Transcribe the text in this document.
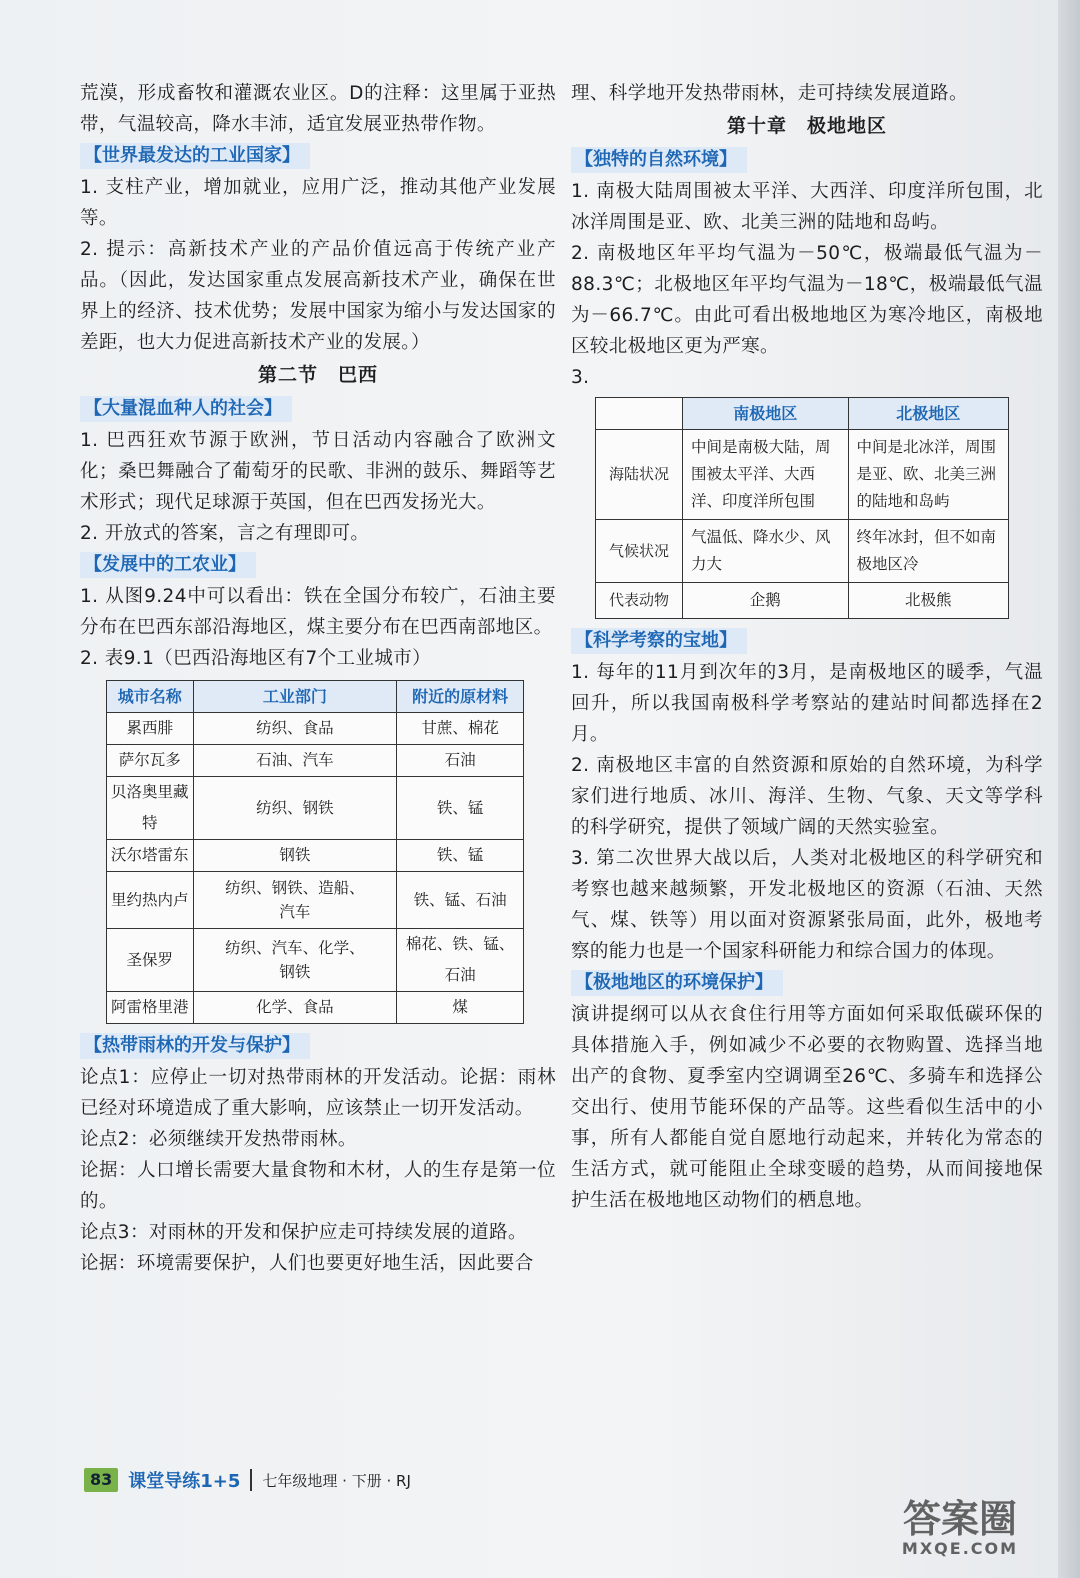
荒漠，形成畜牧和灌溉农业区。D的注释：这里属于亚热带，气温较高，降水丰沛，适宜发展亚热带作物。

【 世界最发达的工业国家 】

1. 支柱产业，增加就业，应用广泛，推动其他产业发展等。

2. 提示：高新技术产业的产品价值远高于传统产业产品。（因此，发达国家重点发展高新技术产业，确保在世界上的经济、技术优势；发展中国家为缩小与发达国家的差距，也大力促进高新技术产业的发展。）

第二节　巴西
【 大量混血种人的社会 】

1. 巴西狂欢节源于欧洲，节日活动内容融合了欧洲文化；桑巴舞融合了葡萄牙的民歌、非洲的鼓乐、舞蹈等艺术形式；现代足球源于英国，但在巴西发扬光大。

2. 开放式的答案，言之有理即可。

【 发展中的工农业 】

1. 从图9.24中可以看出：铁在全国分布较广，石油主要分布在巴西东部沿海地区，煤主要分布在巴西南部地区。

2. 表9.1（巴西沿海地区有7个工业城市）

城市名称	工业部门	附近的原材料
累西腓	纺织、食品	甘蔗、棉花
萨尔瓦多	石油、汽车	石油
贝洛奥里藏特	纺织、钢铁	铁、锰
沃尔塔雷东	钢铁	铁、锰
里约热内卢	纺织、钢铁、造船、汽车	铁、锰、石油
圣保罗	纺织、汽车、化学、钢铁	棉花、铁、锰、石油
阿雷格里港	化学、食品	煤
【 热带雨林的开发与保护 】

论点1：应停止一切对热带雨林的开发活动。论据：雨林已经对环境造成了重大影响，应该禁止一切开发活动。

论点2：必须继续开发热带雨林。

论据：人口增长需要大量食物和木材，人的生存是第一位的。

论点3：对雨林的开发和保护应走可持续发展的道路。

论据：环境需要保护，人们也要更好地生活，因此要合

理、科学地开发热带雨林，走可持续发展道路。

第十章　极地地区
【 独特的自然环境 】

1. 南极大陆周围被太平洋、大西洋、印度洋所包围，北冰洋周围是亚、欧、北美三洲的陆地和岛屿。

2. 南极地区年平均气温为－50℃，极端最低气温为－88.3℃；北极地区年平均气温为－18℃，极端最低气温为－66.7℃。由此可看出极地地区为寒冷地区，南极地区较北极地区更为严寒。

3.

	南极地区	北极地区
海陆状况	中间是南极大陆，周围被太平洋、大西洋、印度洋所包围	中间是北冰洋，周围是亚、欧、北美三洲的陆地和岛屿
气候状况	气温低、降水少、风力大	终年冰封，但不如南极地区冷
代表动物	企鹅	北极熊
【 科学考察的宝地 】

1. 每年的11月到次年的3月，是南极地区的暖季，气温回升，所以我国南极科学考察站的建站时间都选择在2月。

2. 南极地区丰富的自然资源和原始的自然环境，为科学家们进行地质、冰川、海洋、生物、气象、天文等学科的科学研究，提供了领域广阔的天然实验室。

3. 第二次世界大战以后，人类对北极地区的科学研究和考察也越来越频繁，开发北极地区的资源（石油、天然气、煤、铁等）用以面对资源紧张局面，此外，极地考察的能力也是一个国家科研能力和综合国力的体现。

【 极地地区的环境保护 】

演讲提纲可以从衣食住行用等方面如何采取低碳环保的具体措施入手，例如减少不必要的衣物购置、选择当地出产的食物、夏季室内空调调至26℃、多骑车和选择公交出行、使用节能环保的产品等。这些看似生活中的小事，所有人都能自觉自愿地行动起来，并转化为常态的生活方式，就可能阻止全球变暖的趋势，从而间接地保护生活在极地地区动物们的栖息地。

83 课堂导练1+5 七年级地理 · 下册 · RJ
答案圈
MXQE.COM
